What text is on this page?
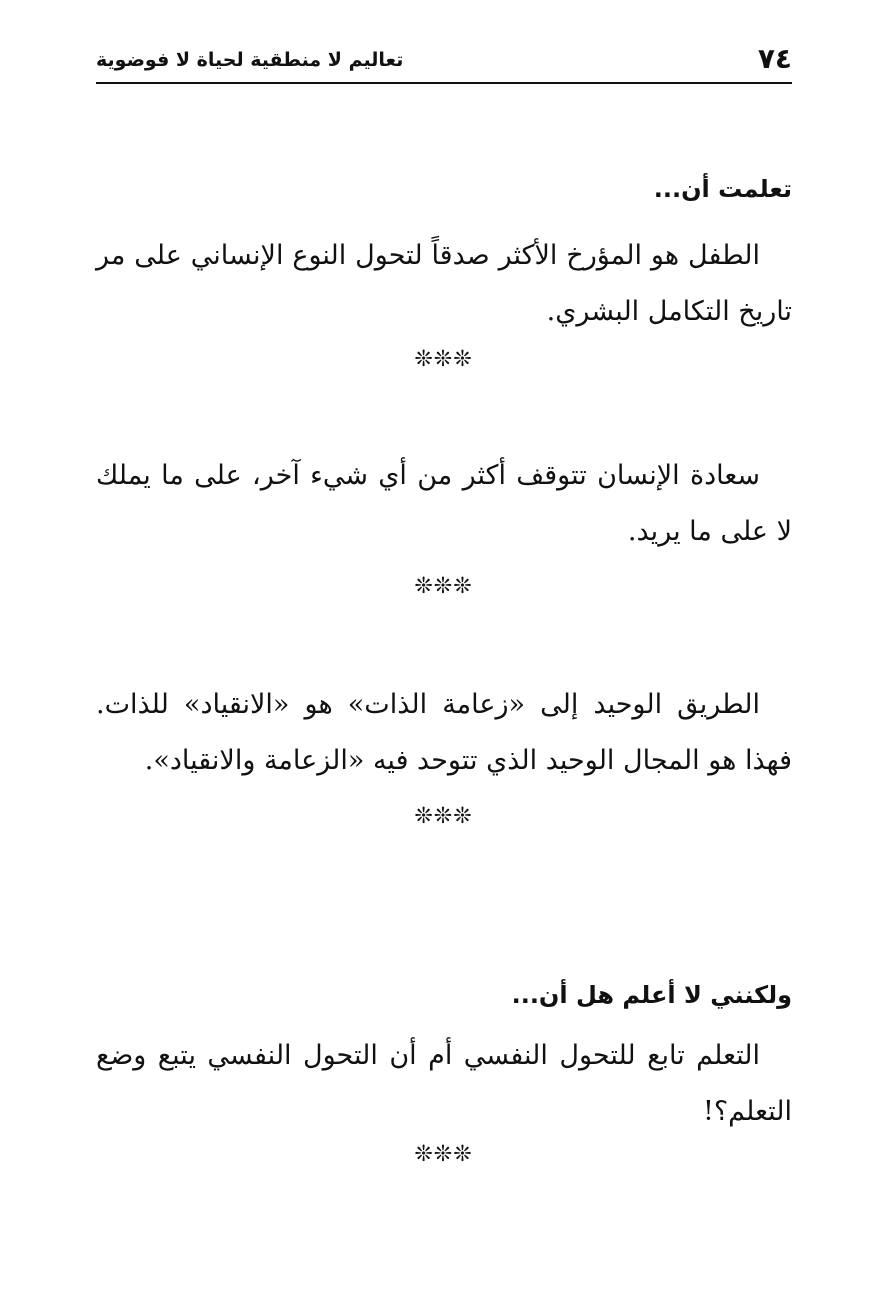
٧٤
تعاليم لا منطقية لحياة لا فوضوية
تعلمت أن...
الطفل هو المؤرخ الأكثر صدقاً لتحول النوع الإنساني على مر تاريخ التكامل البشري.
❊❊❊
سعادة الإنسان تتوقف أكثر من أي شيء آخر، على ما يملك لا على ما يريد.
❊❊❊
الطريق الوحيد إلى «زعامة الذات» هو «الانقياد» للذات. فهذا هو المجال الوحيد الذي تتوحد فيه «الزعامة والانقياد».
❊❊❊
ولكنني لا أعلم هل أن...
التعلم تابع للتحول النفسي أم أن التحول النفسي يتبع وضع التعلم؟!
❊❊❊
